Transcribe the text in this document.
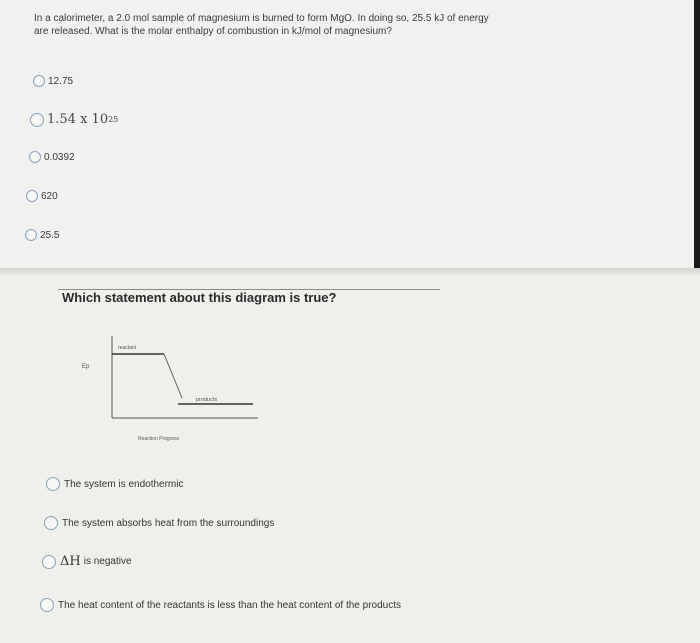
In a calorimeter, a 2.0 mol sample of magnesium is burned to form MgO. In doing so, 25.5 kJ of energy are released. What is the molar enthalpy of combustion in kJ/mol of magnesium?
12.75
1.54 x 10 25
0.0392
620
25.5
Which statement about this diagram is true?
Ep
reactant
products
Reaction Progress
The system is endothermic
The system absorbs heat from the surroundings
ΔH is negative
The heat content of the reactants is less than the heat content of the products
